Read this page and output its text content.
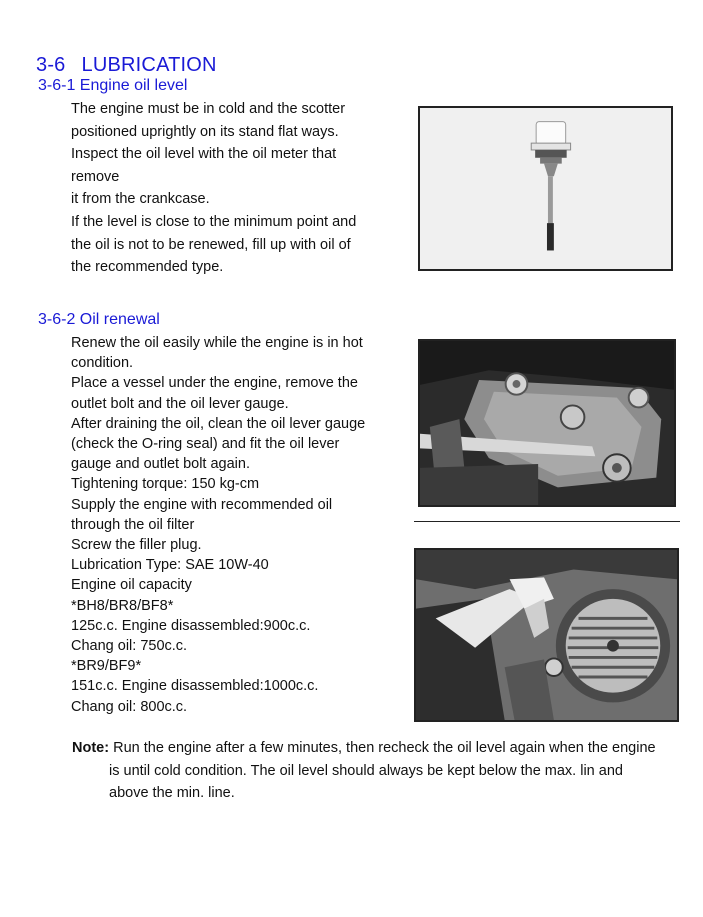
3-6 LUBRICATION
3-6-1 Engine oil level
The engine must be in cold and the scotter
positioned uprightly on its stand flat ways.
Inspect the oil level with the oil meter that
remove
it from the crankcase.
If the level is close to the minimum point and
the oil is not to be renewed, fill up with oil of
the recommended type.
3-6-2 Oil renewal
Renew the oil easily while the engine is in hot
condition.
Place a vessel under the engine, remove the
outlet bolt and the oil lever gauge.
After draining the oil, clean the oil lever gauge
(check the O-ring seal) and fit the oil lever
gauge and outlet bolt again.
Tightening torque: 150 kg-cm
Supply the engine with recommended oil
through the oil filter
Screw the filler plug.
Lubrication Type: SAE 10W-40
Engine oil capacity
*BH8/BR8/BF8*
125c.c. Engine disassembled:900c.c.
Chang oil: 750c.c.
*BR9/BF9*
151c.c. Engine disassembled:1000c.c.
Chang oil: 800c.c.
Note: Run the engine after a few minutes, then recheck the oil level again when the engine
is until cold condition. The oil level should always be kept below the max. lin and
above the min. line.
